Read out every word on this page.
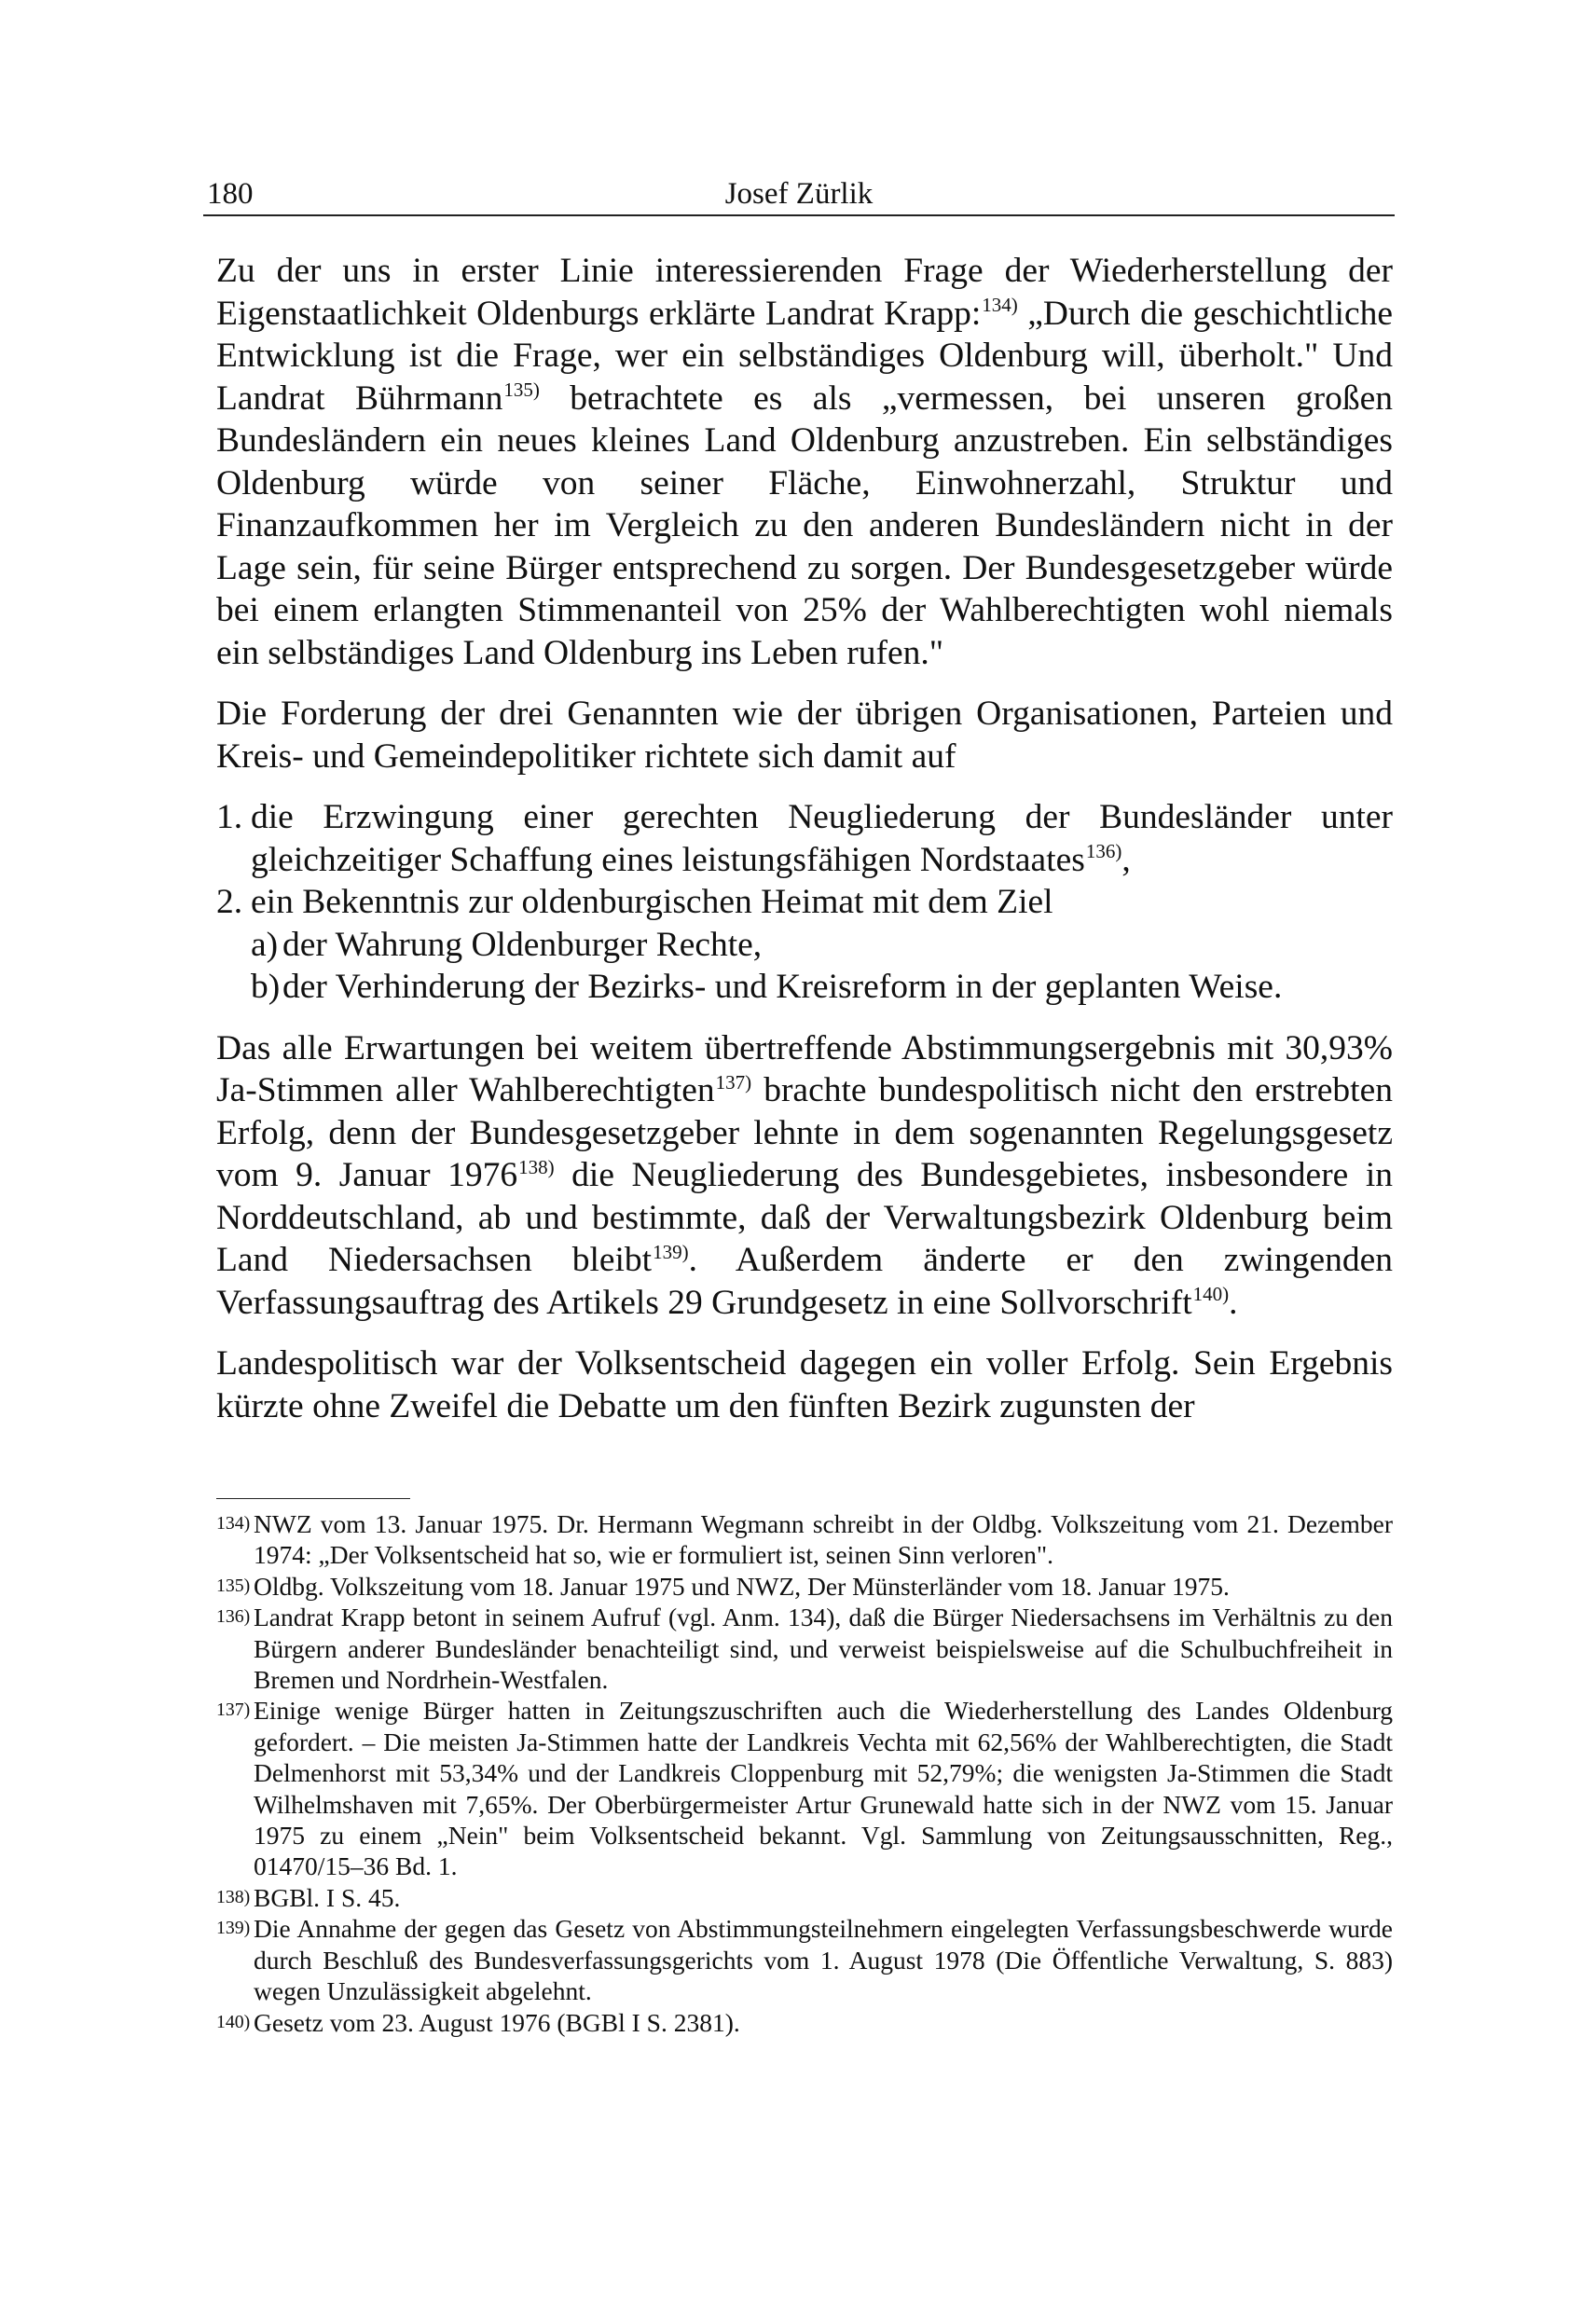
180	Josef Zürlik

Zu der uns in erster Linie interessierenden Frage der Wiederherstellung der Eigenstaatlichkeit Oldenburgs erklärte Landrat Krapp:$^{134)}$ „Durch die geschichtliche Entwicklung ist die Frage, wer ein selbständiges Oldenburg will, überholt." Und Landrat Bührmann$^{135)}$ betrachtete es als „vermessen, bei unseren großen Bundesländern ein neues kleines Land Oldenburg anzustreben. Ein selbständiges Oldenburg würde von seiner Fläche, Einwohnerzahl, Struktur und Finanzaufkommen her im Vergleich zu den anderen Bundesländern nicht in der Lage sein, für seine Bürger entsprechend zu sorgen. Der Bundesgesetzgeber würde bei einem erlangten Stimmenanteil von 25% der Wahlberechtigten wohl niemals ein selbständiges Land Oldenburg ins Leben rufen."

Die Forderung der drei Genannten wie der übrigen Organisationen, Parteien und Kreis- und Gemeindepolitiker richtete sich damit auf

1. die Erzwingung einer gerechten Neugliederung der Bundesländer unter gleichzeitiger Schaffung eines leistungsfähigen Nordstaates$^{136)}$,
2. ein Bekenntnis zur oldenburgischen Heimat mit dem Ziel
a) der Wahrung Oldenburger Rechte,
b) der Verhinderung der Bezirks- und Kreisreform in der geplanten Weise.

Das alle Erwartungen bei weitem übertreffende Abstimmungsergebnis mit 30,93% Ja-Stimmen aller Wahlberechtigten$^{137)}$ brachte bundespolitisch nicht den erstrebten Erfolg, denn der Bundesgesetzgeber lehnte in dem sogenannten Regelungsgesetz vom 9. Januar 1976$^{138)}$ die Neugliederung des Bundesgebietes, insbesondere in Norddeutschland, ab und bestimmte, daß der Verwaltungsbezirk Oldenburg beim Land Niedersachsen bleibt$^{139)}$. Außerdem änderte er den zwingenden Verfassungsauftrag des Artikels 29 Grundgesetz in eine Sollvorschrift$^{140)}$.

Landespolitisch war der Volksentscheid dagegen ein voller Erfolg. Sein Ergebnis kürzte ohne Zweifel die Debatte um den fünften Bezirk zugunsten der

134) NWZ vom 13. Januar 1975. Dr. Hermann Wegmann schreibt in der Oldbg. Volkszeitung vom 21. Dezember 1974: „Der Volksentscheid hat so, wie er formuliert ist, seinen Sinn verloren".

135) Oldbg. Volkszeitung vom 18. Januar 1975 und NWZ, Der Münsterländer vom 18. Januar 1975.

136) Landrat Krapp betont in seinem Aufruf (vgl. Anm. 134), daß die Bürger Niedersachsens im Verhältnis zu den Bürgern anderer Bundesländer benachteiligt sind, und verweist beispielsweise auf die Schulbuchfreiheit in Bremen und Nordrhein-Westfalen.

137) Einige wenige Bürger hatten in Zeitungszuschriften auch die Wiederherstellung des Landes Oldenburg gefordert. – Die meisten Ja-Stimmen hatte der Landkreis Vechta mit 62,56% der Wahlberechtigten, die Stadt Delmenhorst mit 53,34% und der Landkreis Cloppenburg mit 52,79%; die wenigsten Ja-Stimmen die Stadt Wilhelmshaven mit 7,65%. Der Oberbürgermeister Artur Grunewald hatte sich in der NWZ vom 15. Januar 1975 zu einem „Nein" beim Volksentscheid bekannt. Vgl. Sammlung von Zeitungsausschnitten, Reg., 01470/15–36 Bd. 1.

138) BGBl. I S. 45.

139) Die Annahme der gegen das Gesetz von Abstimmungsteilnehmern eingelegten Verfassungsbeschwerde wurde durch Beschluß des Bundesverfassungsgerichts vom 1. August 1978 (Die Öffentliche Verwaltung, S. 883) wegen Unzulässigkeit abgelehnt.

140) Gesetz vom 23. August 1976 (BGBl I S. 2381).
